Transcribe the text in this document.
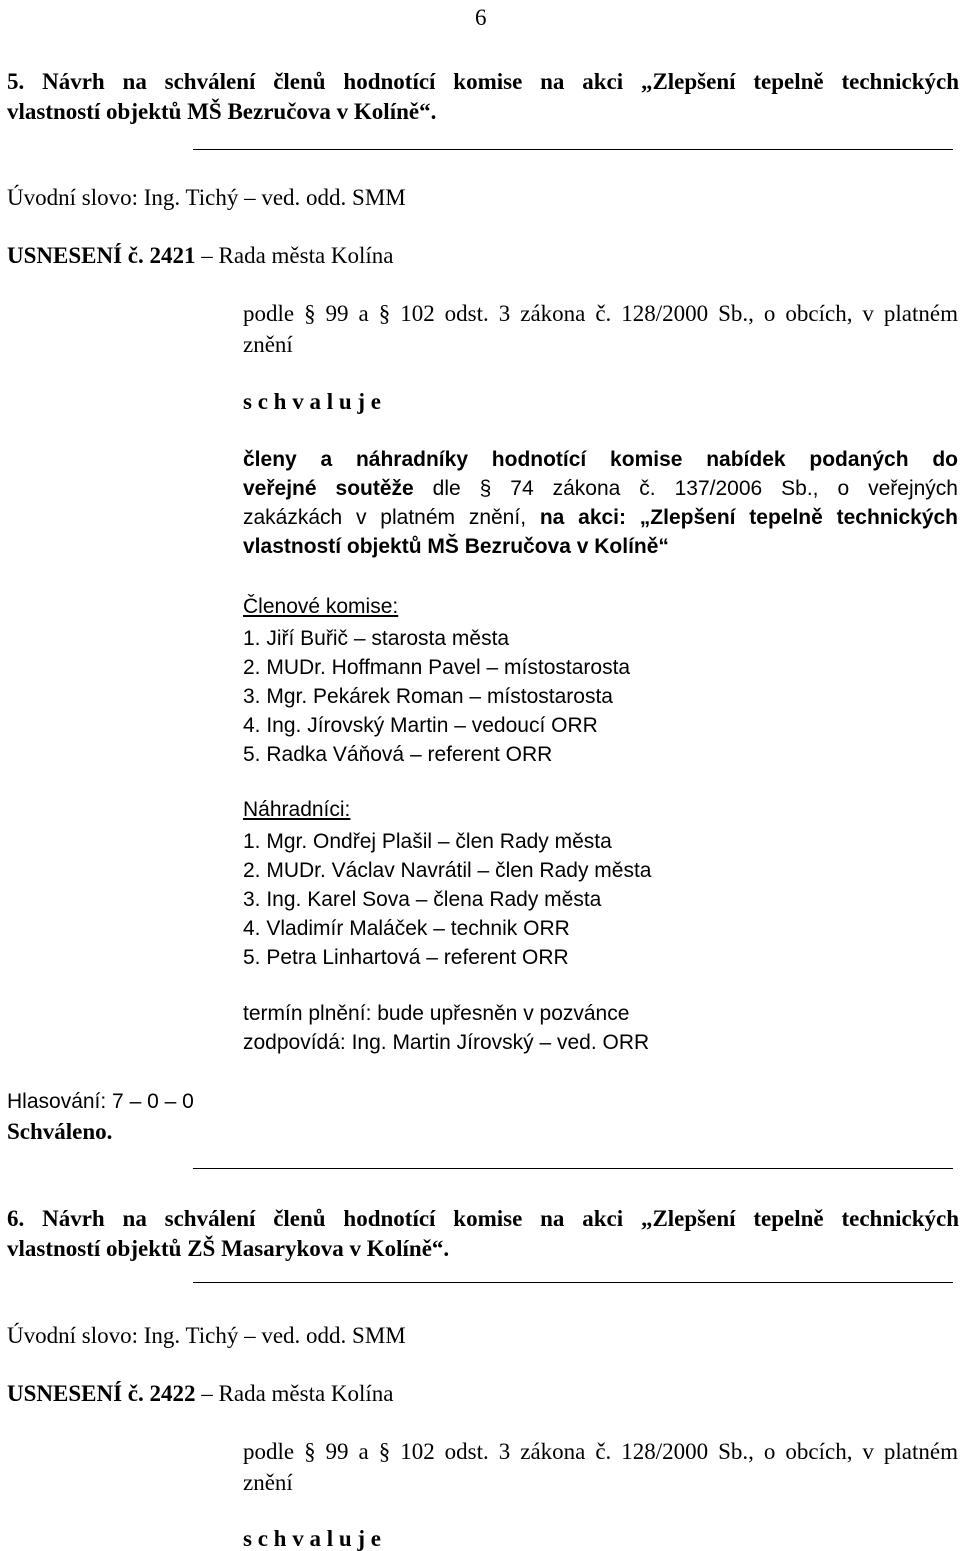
6
5. Návrh na schválení členů hodnotící komise na akci „Zlepšení tepelně technických
vlastností objektů MŠ Bezručova v Kolíně“.
Úvodní slovo: Ing. Tichý – ved. odd. SMM
USNESENÍ č. 2421 – Rada města Kolína
podle § 99 a § 102 odst. 3 zákona č. 128/2000 Sb., o obcích, v platném
znění
s c h v a l u j e
členy a náhradníky hodnotící komise nabídek podaných do
veřejné soutěže dle § 74 zákona č. 137/2006 Sb., o veřejných
zakázkách v platném znění, na akci: „Zlepšení tepelně technických
vlastností objektů MŠ Bezručova v Kolíně“
Členové komise:
1. Jiří Buřič – starosta města
2. MUDr. Hoffmann Pavel – místostarosta
3. Mgr. Pekárek Roman – místostarosta
4. Ing. Jírovský Martin – vedoucí ORR
5. Radka Váňová – referent ORR
Náhradníci:
1. Mgr. Ondřej Plašil – člen Rady města
2. MUDr. Václav Navrátil – člen Rady města
3. Ing. Karel Sova – člena Rady města
4. Vladimír Maláček – technik ORR
5. Petra Linhartová – referent ORR
termín plnění: bude upřesněn v pozvánce
zodpovídá: Ing. Martin Jírovský – ved. ORR
Hlasování: 7 – 0 – 0
Schváleno.
6. Návrh na schválení členů hodnotící komise na akci „Zlepšení tepelně technických
vlastností objektů ZŠ Masarykova v Kolíně“.
Úvodní slovo: Ing. Tichý – ved. odd. SMM
USNESENÍ č. 2422 – Rada města Kolína
podle § 99 a § 102 odst. 3 zákona č. 128/2000 Sb., o obcích, v platném
znění
s c h v a l u j e
